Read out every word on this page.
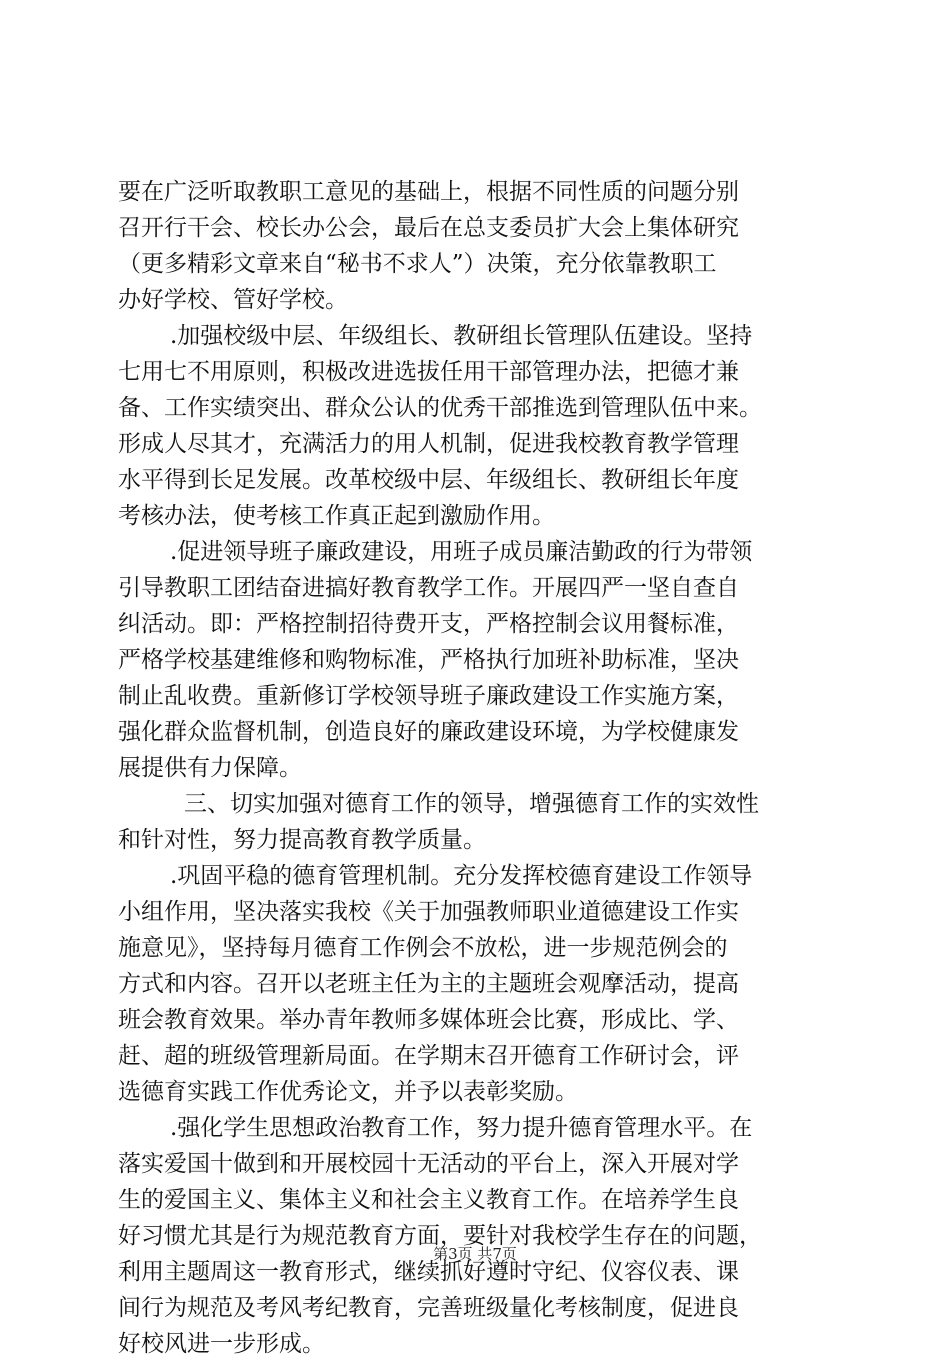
要在广泛听取教职工意见的基础上，根据不同性质的问题分别
召开行干会、校长办公会，最后在总支委员扩大会上集体研究
（更多精彩文章来自“秘书不求人”）决策，充分依靠教职工
办好学校、管好学校。
.加强校级中层、年级组长、教研组长管理队伍建设。坚持
七用七不用原则，积极改进选拔任用干部管理办法，把德才兼
备、工作实绩突出、群众公认的优秀干部推选到管理队伍中来。
形成人尽其才，充满活力的用人机制，促进我校教育教学管理
水平得到长足发展。改革校级中层、年级组长、教研组长年度
考核办法，使考核工作真正起到激励作用。
.促进领导班子廉政建设，用班子成员廉洁勤政的行为带领
引导教职工团结奋进搞好教育教学工作。开展四严一坚自查自
纠活动。即：严格控制招待费开支，严格控制会议用餐标准，
严格学校基建维修和购物标准，严格执行加班补助标准，坚决
制止乱收费。重新修订学校领导班子廉政建设工作实施方案，
强化群众监督机制，创造良好的廉政建设环境，为学校健康发
展提供有力保障。
三、切实加强对德育工作的领导，增强德育工作的实效性
和针对性，努力提高教育教学质量。
.巩固平稳的德育管理机制。充分发挥校德育建设工作领导
小组作用，坚决落实我校《关于加强教师职业道德建设工作实
施意见》，坚持每月德育工作例会不放松，进一步规范例会的
方式和内容。召开以老班主任为主的主题班会观摩活动，提高
班会教育效果。举办青年教师多媒体班会比赛，形成比、学、
赶、超的班级管理新局面。在学期末召开德育工作研讨会，评
选德育实践工作优秀论文，并予以表彰奖励。
.强化学生思想政治教育工作，努力提升德育管理水平。在
落实爱国十做到和开展校园十无活动的平台上，深入开展对学
生的爱国主义、集体主义和社会主义教育工作。在培养学生良
好习惯尤其是行为规范教育方面，要针对我校学生存在的问题，
利用主题周这一教育形式，继续抓好遵时守纪、仪容仪表、课
间行为规范及考风考纪教育，完善班级量化考核制度，促进良
好校风进一步形成。
第3页 共7页
